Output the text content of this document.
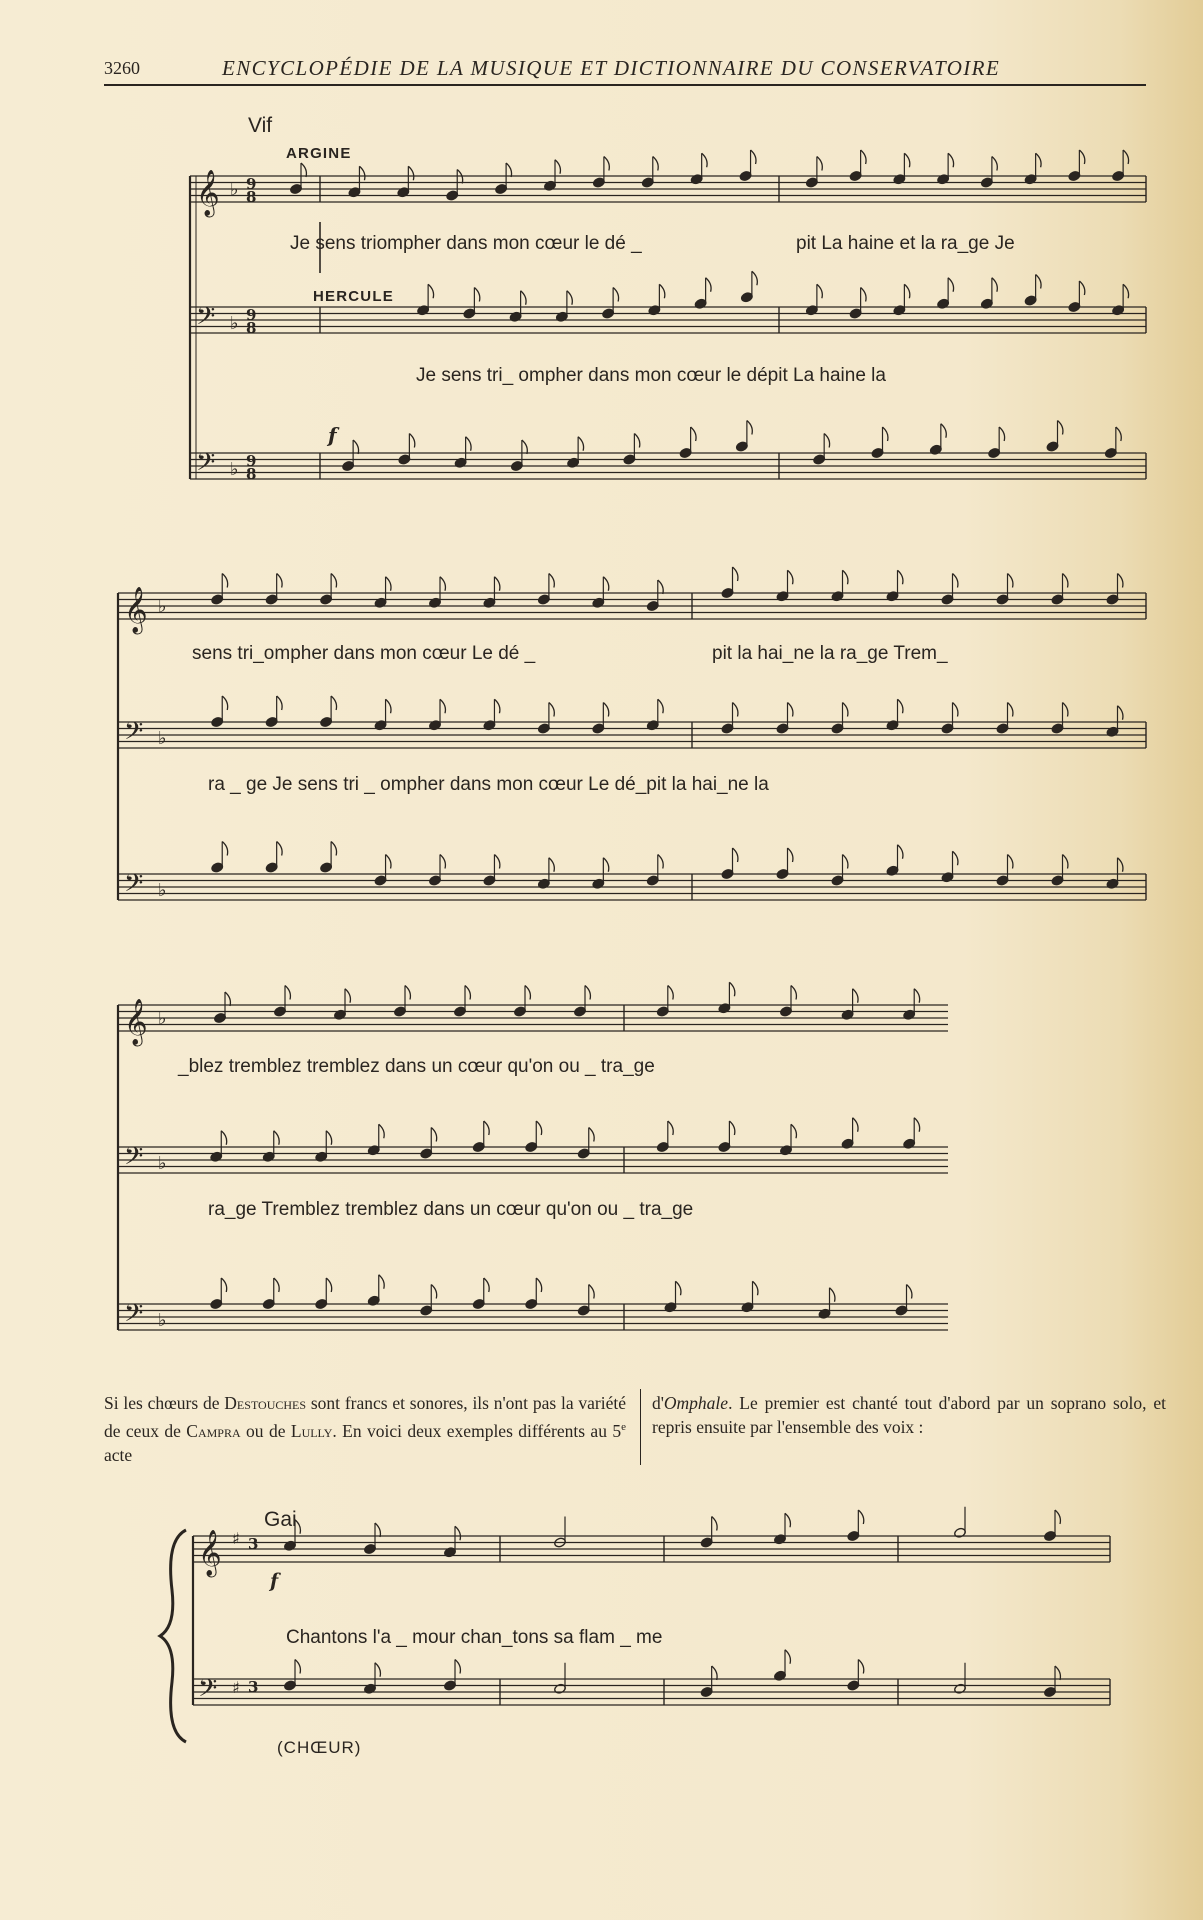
3260	ENCYCLOPÉDIE DE LA MUSIQUE ET DICTIONNAIRE DU CONSERVATOIRE
𝄞 ♭ 9
8
𝄢 ♭ 9
8
𝄢 ♭ 9
8
f
𝄞 ♭
𝄢 ♭
𝄢 ♭
𝄞 ♭
𝄢 ♭
𝄢 ♭
𝄞 ♯ 3
𝄢 ♯ 3
f
Vif
ARGINE
HERCULE
Je sens triompher dans mon cœur le dé _	pit La haine et la ra_ge Je
Je sens tri_ ompher dans mon cœur le dépit La haine la
sens tri_ompher dans mon cœur Le dé _	pit la hai_ne la ra_ge Trem_
ra _ ge Je sens tri _ ompher dans mon cœur Le dé_pit la hai_ne la
_blez tremblez tremblez dans un cœur qu'on ou _ tra_ge
ra_ge Tremblez tremblez dans un cœur qu'on ou _ tra_ge
Si les chœurs de Destouches sont francs et sonores, ils n'ont pas la variété de ceux de Campra ou de Lully. En voici deux exemples différents au 5e acte
d'Omphale. Le premier est chanté tout d'abord par un soprano solo, et repris ensuite par l'ensemble des voix :
Gai
Chantons l'a _ mour chan_tons sa flam _ me
(CHŒUR)
